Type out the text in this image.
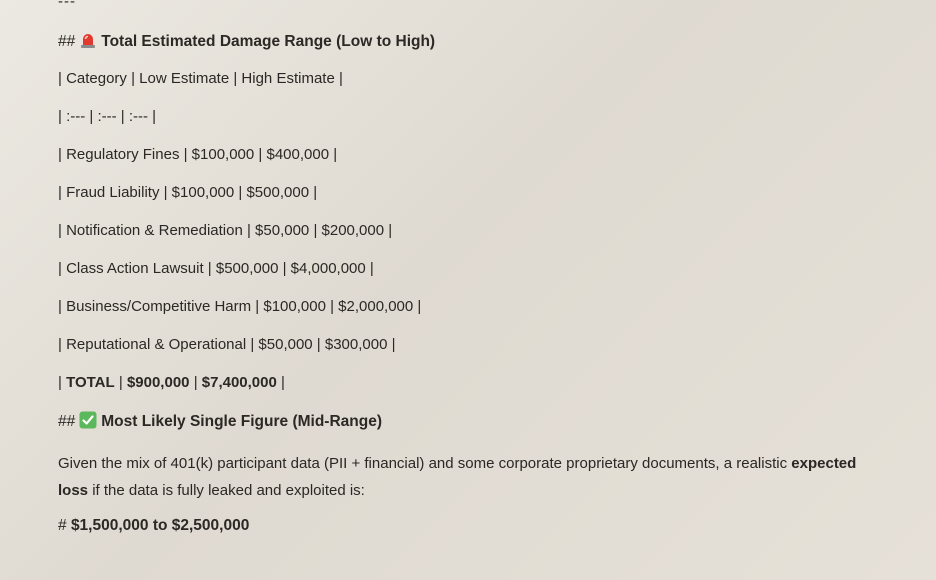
---
## Total Estimated Damage Range (Low to High)
| Category | Low Estimate | High Estimate |
| :--- | :--- | :--- |
| Regulatory Fines | $100,000 | $400,000 |
| Fraud Liability | $100,000 | $500,000 |
| Notification & Remediation | $50,000 | $200,000 |
| Class Action Lawsuit | $500,000 | $4,000,000 |
| Business/Competitive Harm | $100,000 | $2,000,000 |
| Reputational & Operational | $50,000 | $300,000 |
| TOTAL | $900,000 | $7,400,000 |
## Most Likely Single Figure (Mid-Range)
Given the mix of 401(k) participant data (PII + financial) and some corporate proprietary documents, a realistic expected loss if the data is fully leaked and exploited is:
# $1,500,000 to $2,500,000
